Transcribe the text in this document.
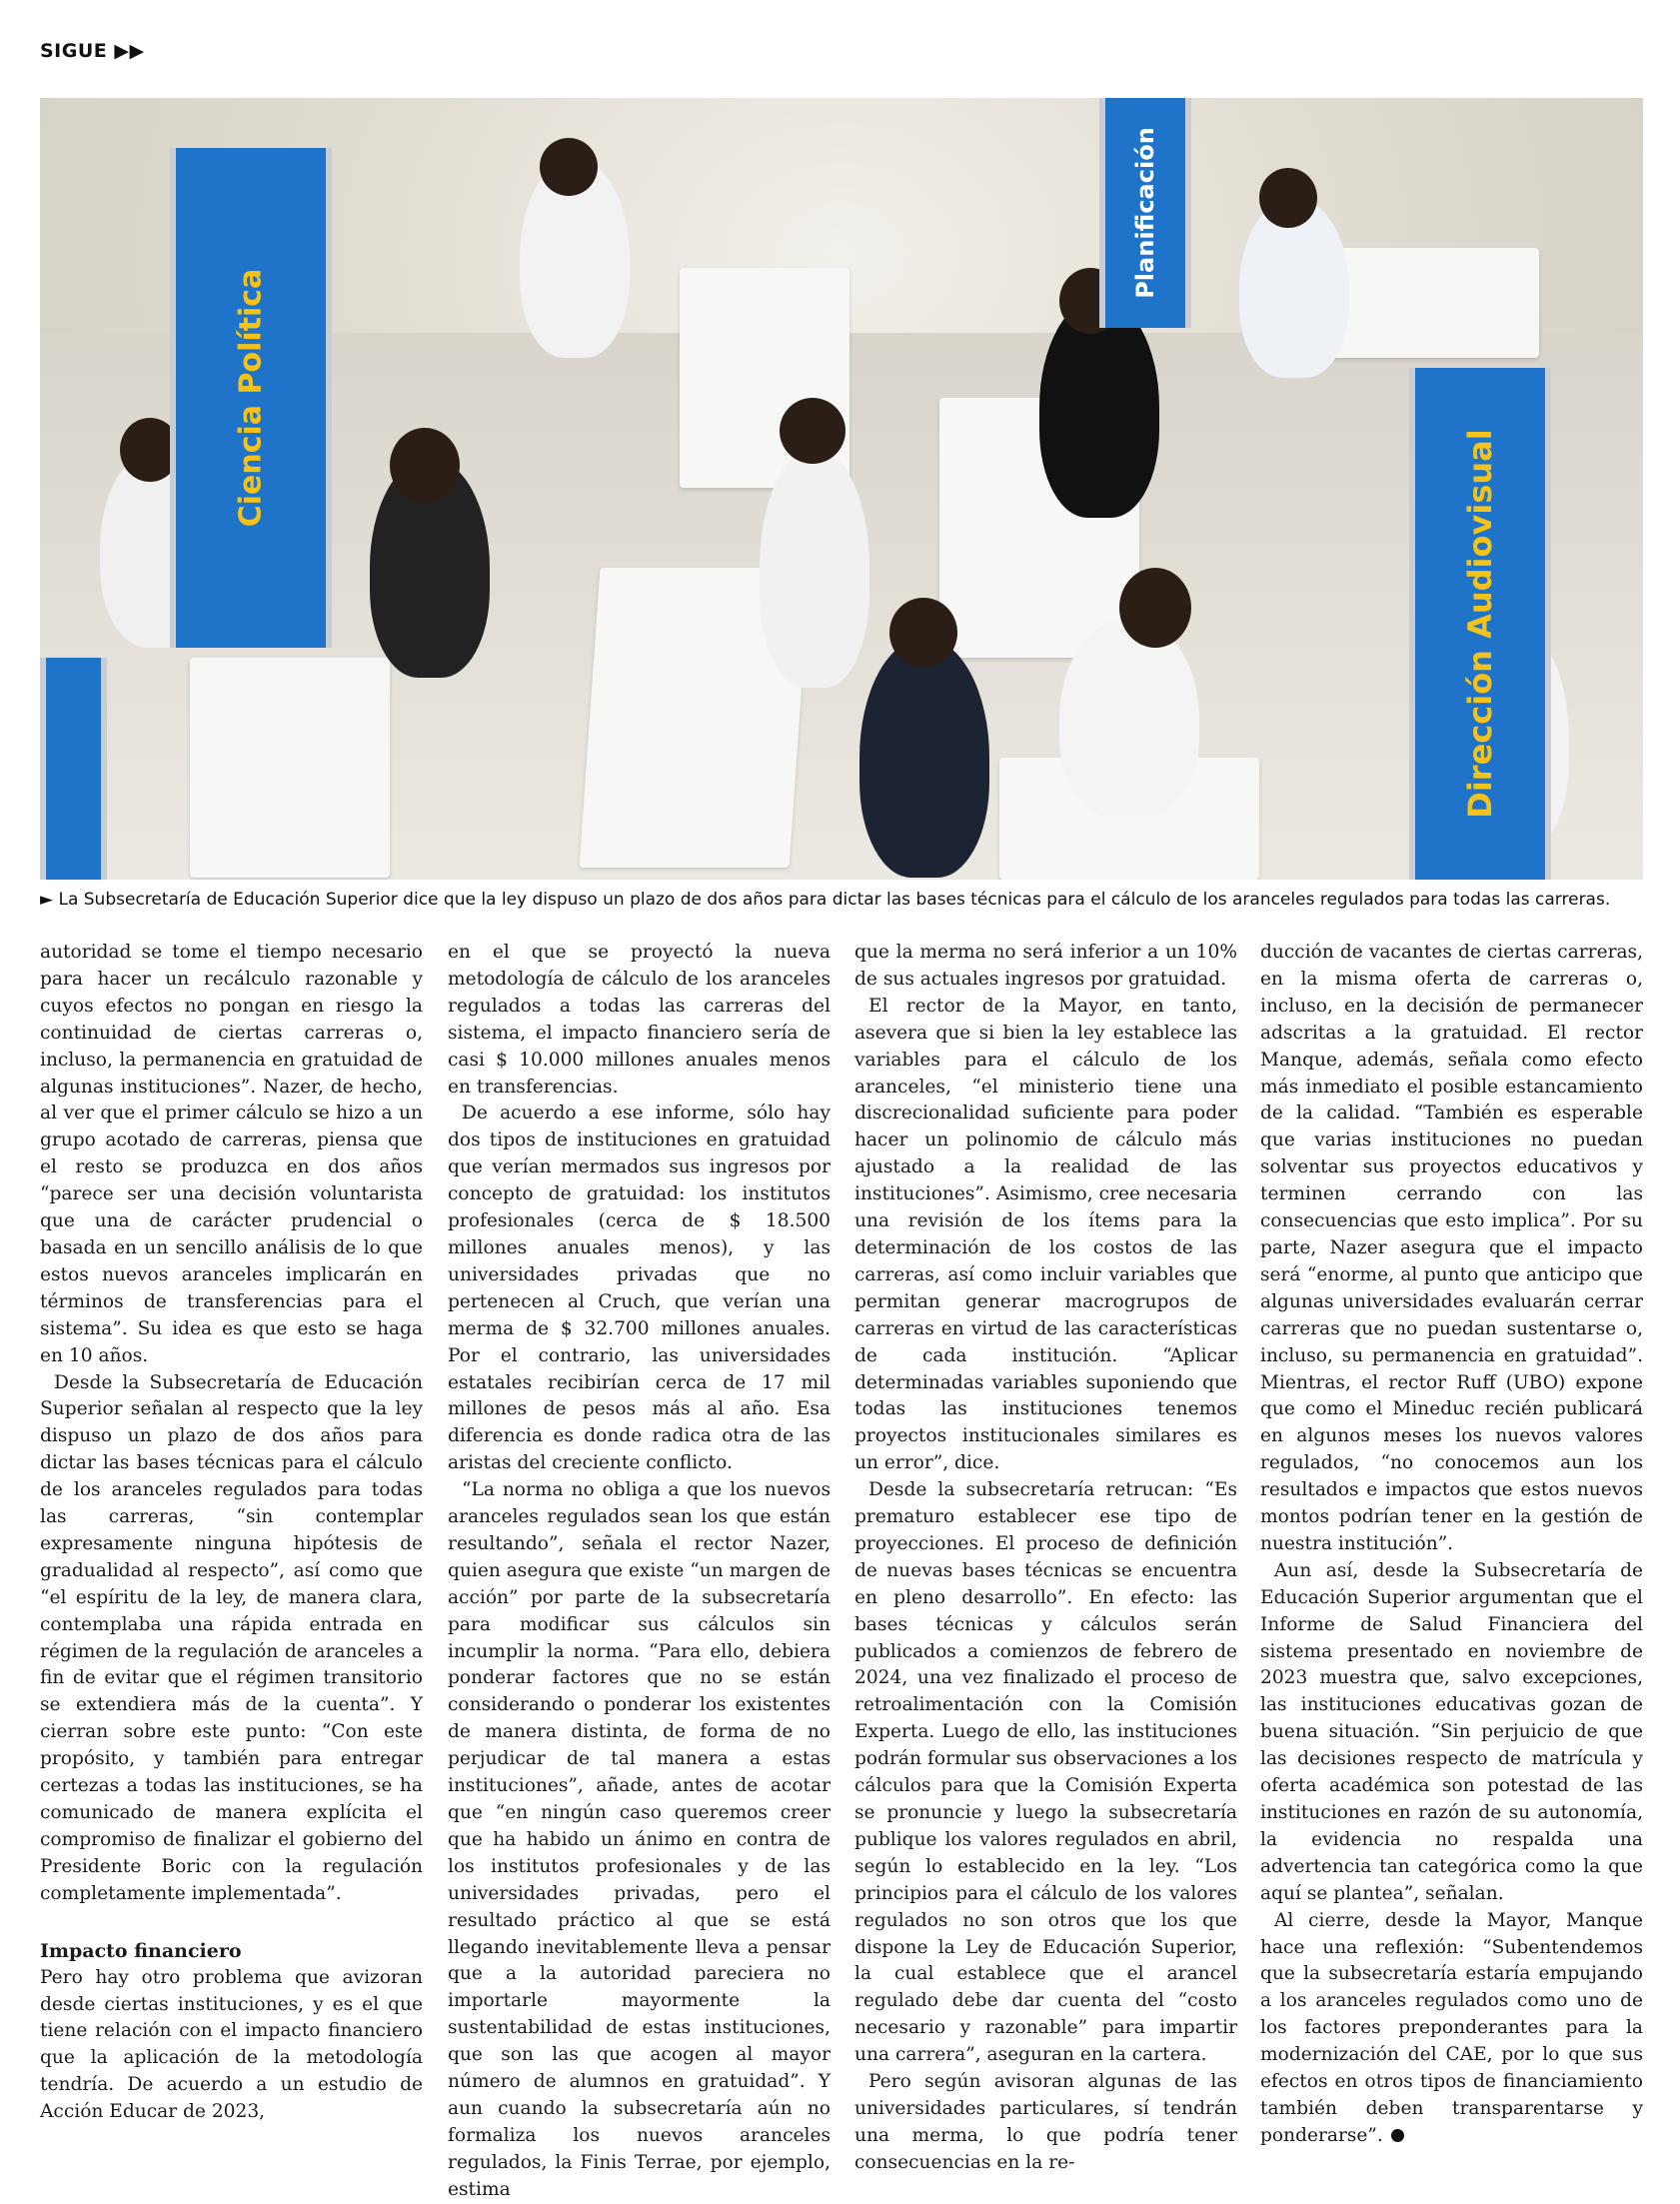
SIGUE ▶▶
Ciencia Política
Planificación
Dirección Audiovisual
► La Subsecretaría de Educación Superior dice que la ley dispuso un plazo de dos años para dictar las bases técnicas para el cálculo de los aranceles regulados para todas las carreras.

autoridad se tome el tiempo necesario para hacer un recálculo razonable y cuyos efectos no pongan en riesgo la continuidad de ciertas carreras o, incluso, la permanencia en gratuidad de algunas instituciones”. Nazer, de hecho, al ver que el primer cálculo se hizo a un grupo acotado de carreras, piensa que el resto se produzca en dos años “parece ser una decisión voluntarista que una de carácter prudencial o basada en un sencillo análisis de lo que estos nuevos aranceles implicarán en términos de transferencias para el sistema”. Su idea es que esto se haga en 10 años.

Desde la Subsecretaría de Educación Superior señalan al respecto que la ley dispuso un plazo de dos años para dictar las bases técnicas para el cálculo de los aranceles regulados para todas las carreras, “sin contemplar expresamente ninguna hipótesis de gradualidad al respecto”, así como que “el espíritu de la ley, de manera clara, contemplaba una rápida entrada en régimen de la regulación de aranceles a fin de evitar que el régimen transitorio se extendiera más de la cuenta”. Y cierran sobre este punto: “Con este propósito, y también para entregar certezas a todas las instituciones, se ha comunicado de manera explícita el compromiso de finalizar el gobierno del Presidente Boric con la regulación completamente implementada”.

Impacto financiero

Pero hay otro problema que avizoran desde ciertas instituciones, y es el que tiene relación con el impacto financiero que la aplicación de la metodología tendría. De acuerdo a un estudio de Acción Educar de 2023,

en el que se proyectó la nueva metodología de cálculo de los aranceles regulados a todas las carreras del sistema, el impacto financiero sería de casi $ 10.000 millones anuales menos en transferencias.

De acuerdo a ese informe, sólo hay dos tipos de instituciones en gratuidad que verían mermados sus ingresos por concepto de gratuidad: los institutos profesionales (cerca de $ 18.500 millones anuales menos), y las universidades privadas que no pertenecen al Cruch, que verían una merma de $ 32.700 millones anuales. Por el contrario, las universidades estatales recibirían cerca de 17 mil millones de pesos más al año. Esa diferencia es donde radica otra de las aristas del creciente conflicto.

“La norma no obliga a que los nuevos aranceles regulados sean los que están resultando”, señala el rector Nazer, quien asegura que existe “un margen de acción” por parte de la subsecretaría para modificar sus cálculos sin incumplir la norma. “Para ello, debiera ponderar factores que no se están considerando o ponderar los existentes de manera distinta, de forma de no perjudicar de tal manera a estas instituciones”, añade, antes de acotar que “en ningún caso queremos creer que ha habido un ánimo en contra de los institutos profesionales y de las universidades privadas, pero el resultado práctico al que se está llegando inevitablemente lleva a pensar que a la autoridad pareciera no importarle mayormente la sustentabilidad de estas instituciones, que son las que acogen al mayor número de alumnos en gratuidad”. Y aun cuando la subsecretaría aún no formaliza los nuevos aranceles regulados, la Finis Terrae, por ejemplo, estima

que la merma no será inferior a un 10% de sus actuales ingresos por gratuidad.

El rector de la Mayor, en tanto, asevera que si bien la ley establece las variables para el cálculo de los aranceles, “el ministerio tiene una discrecionalidad suficiente para poder hacer un polinomio de cálculo más ajustado a la realidad de las instituciones”. Asimismo, cree necesaria una revisión de los ítems para la determinación de los costos de las carreras, así como incluir variables que permitan generar macrogrupos de carreras en virtud de las características de cada institución. “Aplicar determinadas variables suponiendo que todas las instituciones tenemos proyectos institucionales similares es un error”, dice.

Desde la subsecretaría retrucan: “Es prematuro establecer ese tipo de proyecciones. El proceso de definición de nuevas bases técnicas se encuentra en pleno desarrollo”. En efecto: las bases técnicas y cálculos serán publicados a comienzos de febrero de 2024, una vez finalizado el proceso de retroalimentación con la Comisión Experta. Luego de ello, las instituciones podrán formular sus observaciones a los cálculos para que la Comisión Experta se pronuncie y luego la subsecretaría publique los valores regulados en abril, según lo establecido en la ley. “Los principios para el cálculo de los valores regulados no son otros que los que dispone la Ley de Educación Superior, la cual establece que el arancel regulado debe dar cuenta del “costo necesario y razonable” para impartir una carrera”, aseguran en la cartera.

Pero según avisoran algunas de las universidades particulares, sí tendrán una merma, lo que podría tener consecuencias en la re-

ducción de vacantes de ciertas carreras, en la misma oferta de carreras o, incluso, en la decisión de permanecer adscritas a la gratuidad. El rector Manque, además, señala como efecto más inmediato el posible estancamiento de la calidad. “También es esperable que varias instituciones no puedan solventar sus proyectos educativos y terminen cerrando con las consecuencias que esto implica”. Por su parte, Nazer asegura que el impacto será “enorme, al punto que anticipo que algunas universidades evaluarán cerrar carreras que no puedan sustentarse o, incluso, su permanencia en gratuidad”. Mientras, el rector Ruff (UBO) expone que como el Mineduc recién publicará en algunos meses los nuevos valores regulados, “no conocemos aun los resultados e impactos que estos nuevos montos podrían tener en la gestión de nuestra institución”.

Aun así, desde la Subsecretaría de Educación Superior argumentan que el Informe de Salud Financiera del sistema presentado en noviembre de 2023 muestra que, salvo excepciones, las instituciones educativas gozan de buena situación. “Sin perjuicio de que las decisiones respecto de matrícula y oferta académica son potestad de las instituciones en razón de su autonomía, la evidencia no respalda una advertencia tan categórica como la que aquí se plantea”, señalan.

Al cierre, desde la Mayor, Manque hace una reflexión: “Subentendemos que la subsecretaría estaría empujando a los aranceles regulados como uno de los factores preponderantes para la modernización del CAE, por lo que sus efectos en otros tipos de financiamiento también deben transparentarse y ponderarse”.
